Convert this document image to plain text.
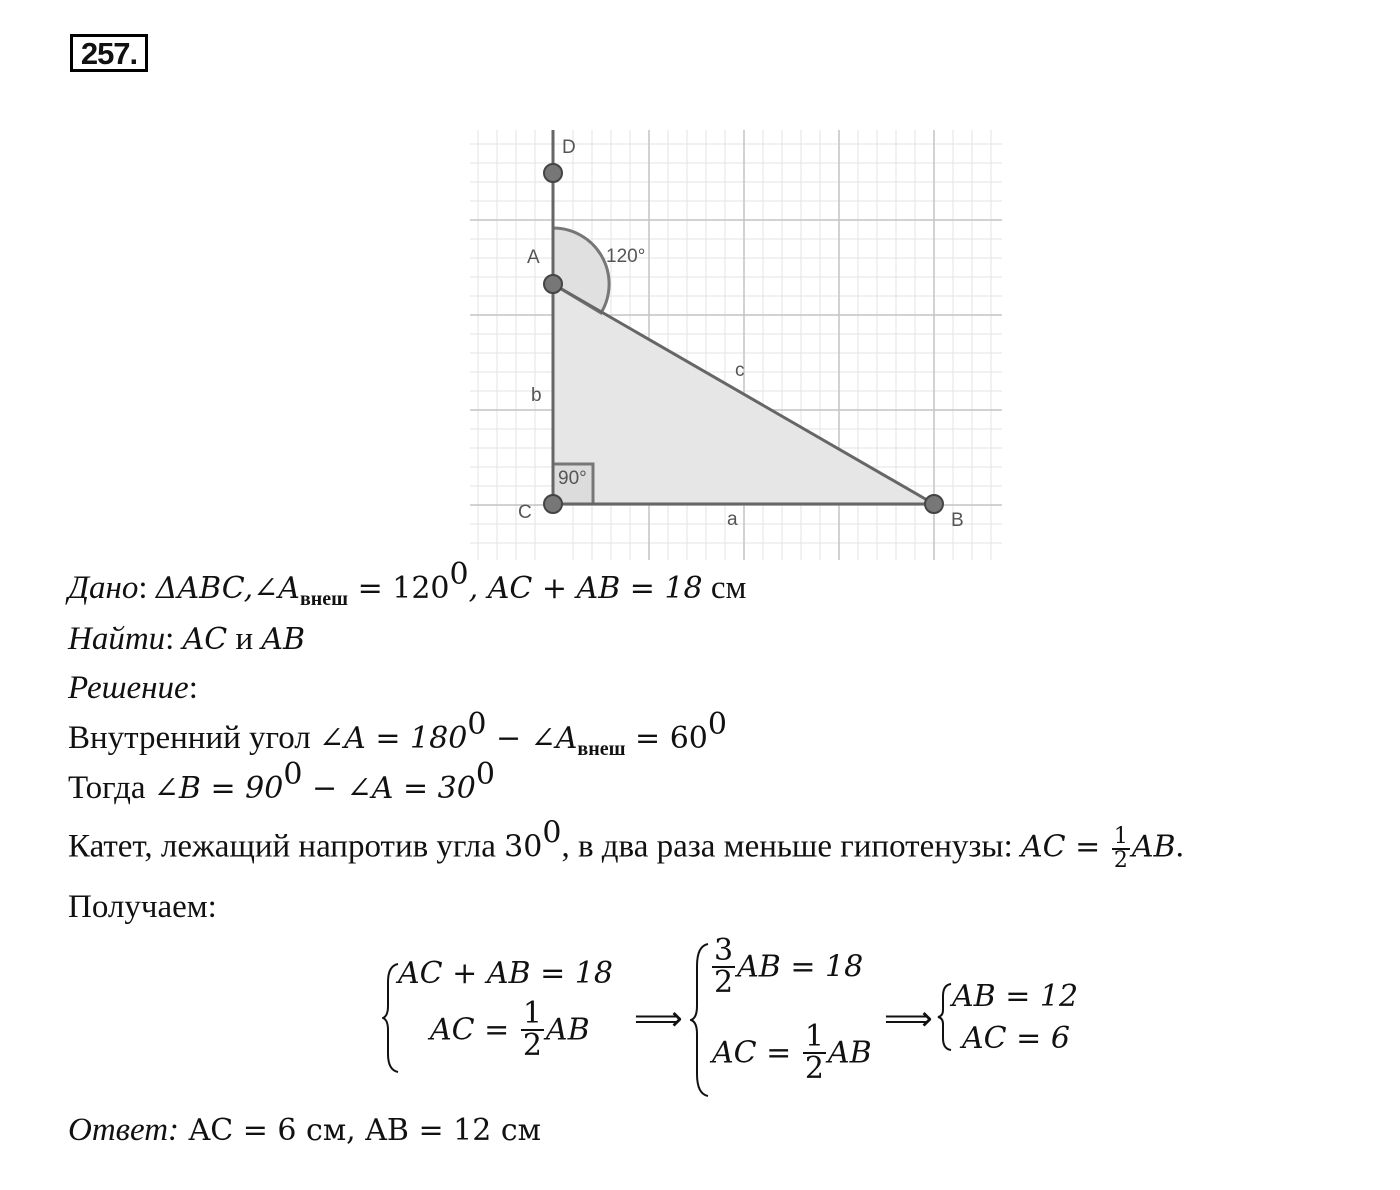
257.
D
A
C	B
a
b
c
120°
90°
Дано: $\Delta ABC,\angle A_{внеш} = 120^0$, AC + AB = 18 см
Найти: AC и AB
Решение:
Внутренний угол ∠A = $180^0$ − $\angle A_{внеш} = 60^0$
Тогда ∠B = $90^0$ − ∠A = $30^0$
Катет, лежащий напротив угла $30^0$, в два раза меньше гипотенузы: AC = $\frac{1}{2}$ AB.
Получаем:
AC + AB = 18
AC = $\frac{1}{2}$ AB ⟹
$\frac{3}{2}$ AB = 18
AC = $\frac{1}{2}$ AB
⟹
AB = 12
AC = 6
Ответ: AC = 6 см, AB = 12 см
